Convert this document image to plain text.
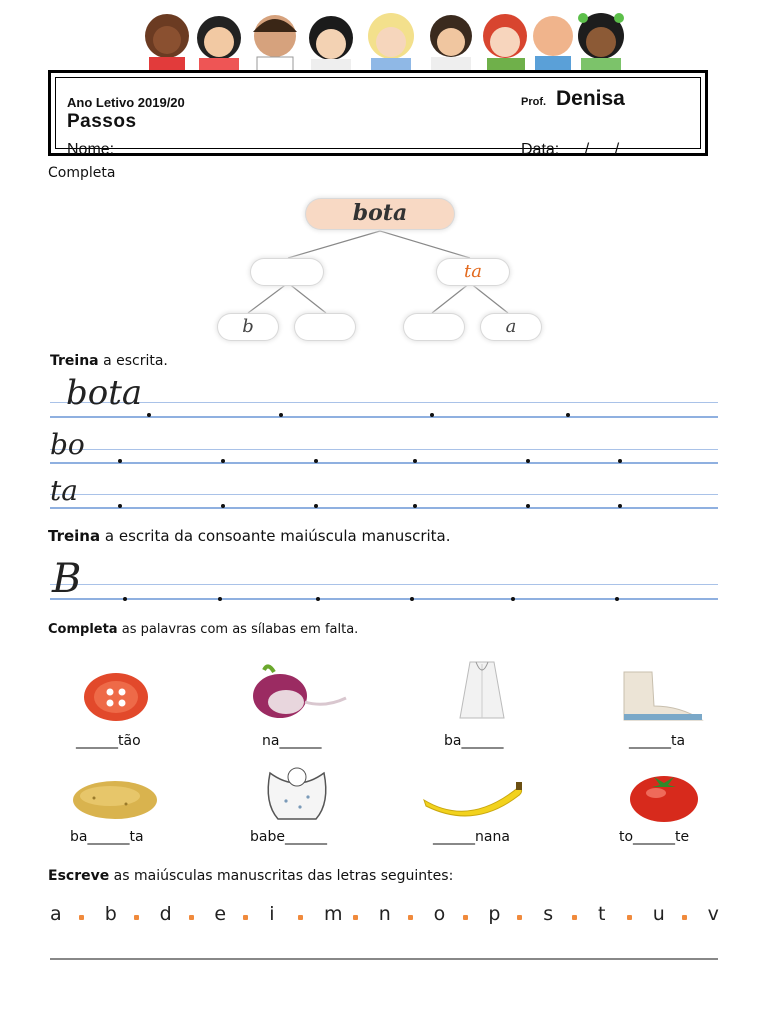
Ano Letivo 2019/20
Passos
Nome:
Prof. Denisa
Data: / /
Completa
bota
ta
b	a
Treina a escrita.
bota
bo
ta
Treina a escrita da consoante maiúscula manuscrita.
B
Completa as palavras com as sílabas em falta.
______tão	na______	ba______	______ta
ba______ta	babe______	______nana	to______te
Escreve as maiúsculas manuscritas das letras seguintes:
a b d e i	m n o p s t u v
